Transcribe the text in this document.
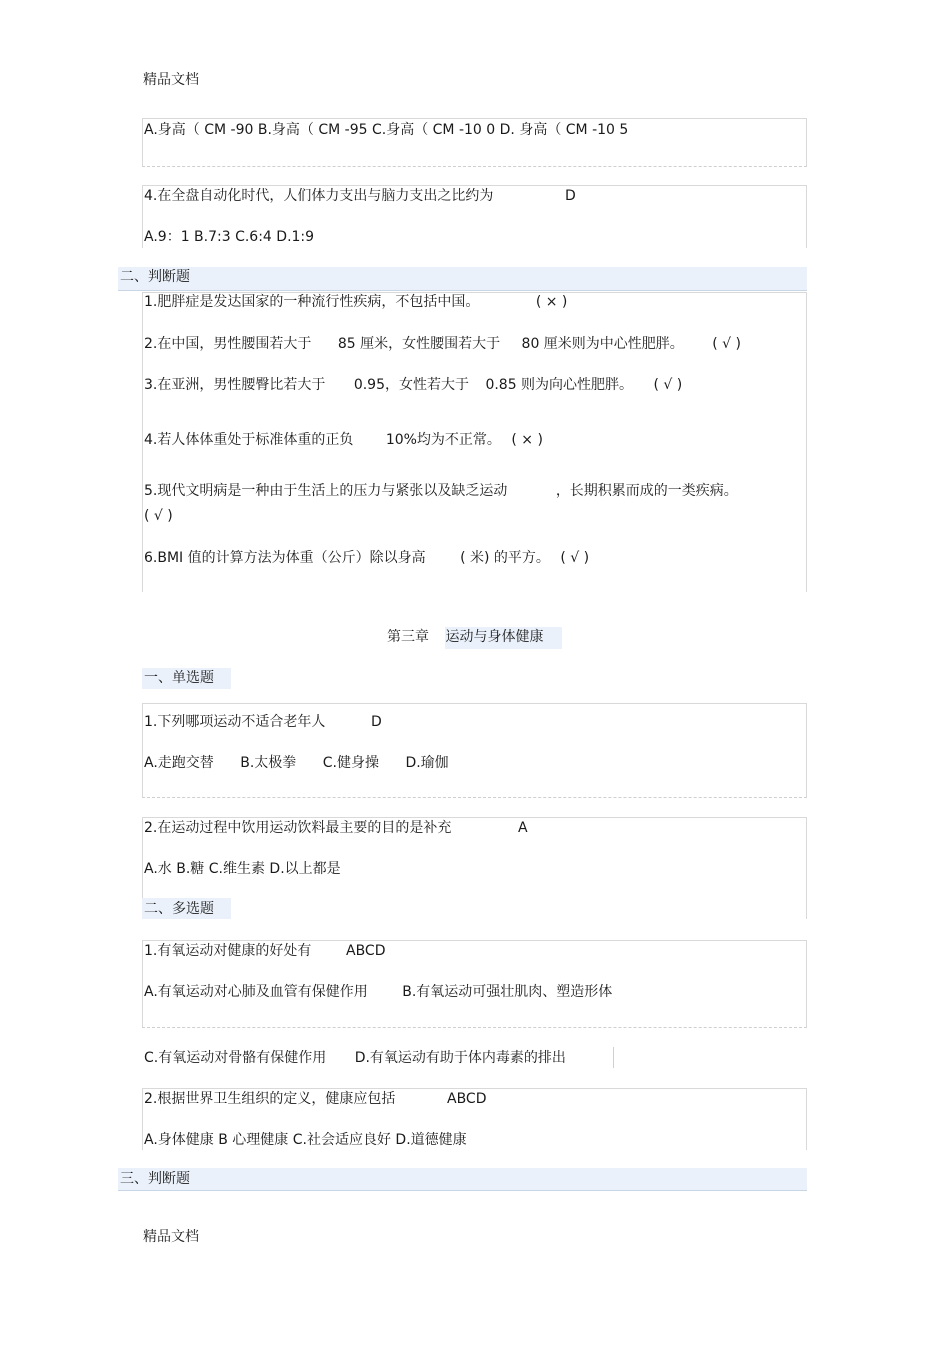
精品文档
A.身高（ CM -90 B.身高（ CM -95 C.身高（ CM -10 0 D. 身高（ CM -10 5
4.在全盘自动化时代，人们体力支出与脑力支出之比约为	D
A.9：1 B.7:3 C.6:4 D.1:9
二、判断题
1.肥胖症是发达国家的一种流行性疾病，不包括中国。	( × )
2.在中国，男性腰围若大于 85 厘米，女性腰围若大于 80 厘米则为中心性肥胖。 ( √ )
3.在亚洲，男性腰臀比若大于 0.95，女性若大于 0.85 则为向心性肥胖。 ( √ )
4.若人体体重处于标准体重的正负 10%均为不正常。 ( × )
5.现代文明病是一种由于生活上的压力与紧张以及缺乏运动	，长期积累而成的一类疾病。
( √ )
6.BMI 值的计算方法为体重（公斤）除以身高 ( 米) 的平方。 ( √ )
第三章 运动与身体健康
一、单选题
1.下列哪项运动不适合老年人	D
A.走跑交替 B.太极拳 C.健身操 D.瑜伽
2.在运动过程中饮用运动饮料最主要的目的是补充	A
A.水 B.糖 C.维生素 D.以上都是
二、多选题
1.有氧运动对健康的好处有 ABCD
A.有氧运动对心肺及血管有保健作用 B.有氧运动可强壮肌肉、塑造形体
C.有氧运动对骨骼有保健作用 D.有氧运动有助于体内毒素的排出
2.根据世界卫生组织的定义，健康应包括	ABCD
A.身体健康 B 心理健康 C.社会适应良好 D.道德健康
三、判断题
精品文档
